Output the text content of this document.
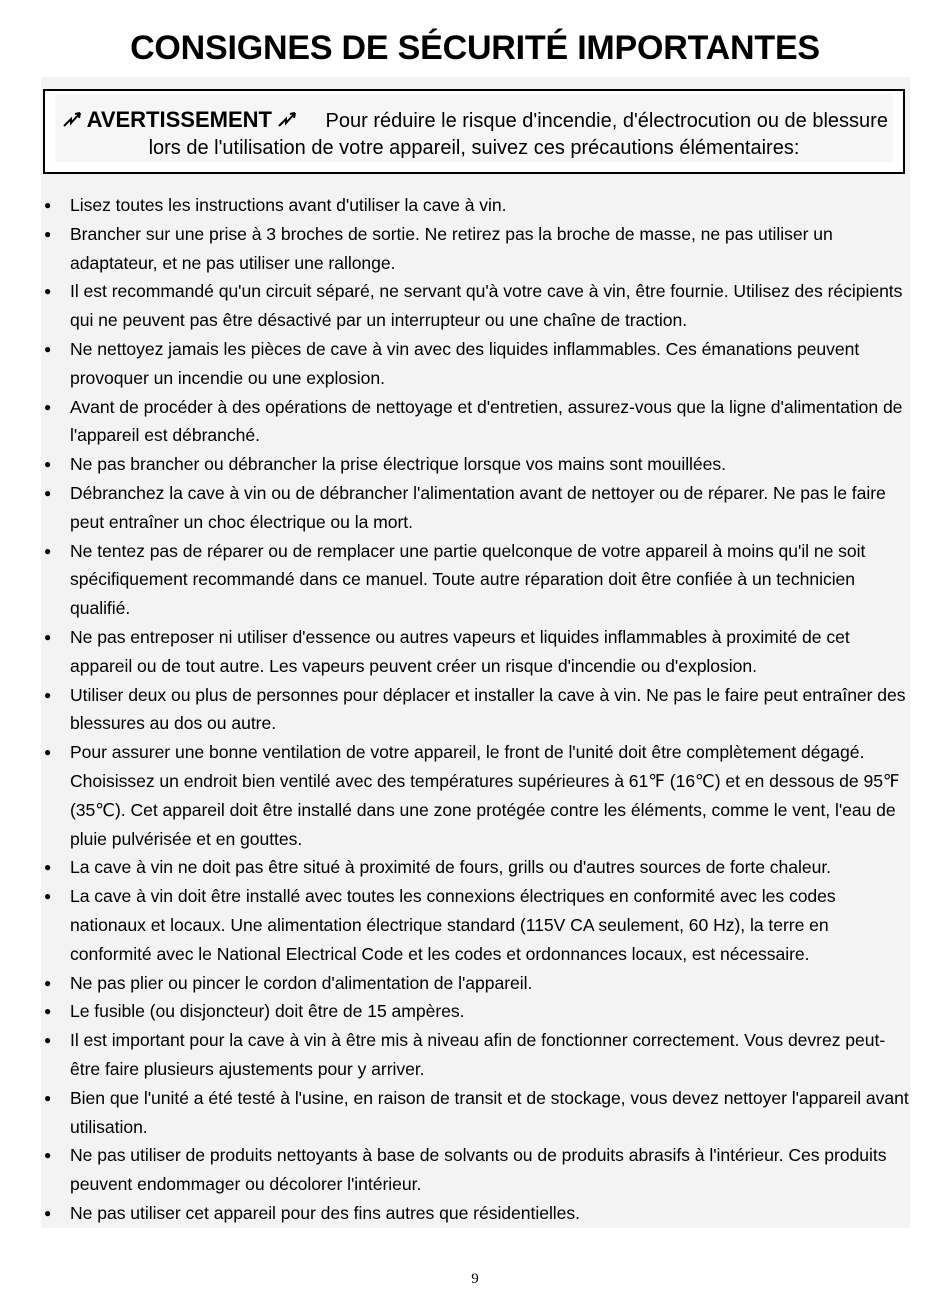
CONSIGNES DE SÉCURITÉ IMPORTANTES
AVERTISSEMENT	Pour réduire le risque d'incendie, d'électrocution ou de blessure
lors de l'utilisation de votre appareil, suivez ces précautions élémentaires:
● Lisez toutes les instructions avant d'utiliser la cave à vin.
● Brancher sur une prise à 3 broches de sortie. Ne retirez pas la broche de masse, ne pas utiliser un adaptateur, et ne pas utiliser une rallonge.
● Il est recommandé qu'un circuit séparé, ne servant qu'à votre cave à vin, être fournie. Utilisez des récipients qui ne peuvent pas être désactivé par un interrupteur ou une chaîne de traction.
● Ne nettoyez jamais les pièces de cave à vin avec des liquides inflammables. Ces émanations peuvent provoquer un incendie ou une explosion.
● Avant de procéder à des opérations de nettoyage et d'entretien, assurez-vous que la ligne d'alimentation de l'appareil est débranché.
● Ne pas brancher ou débrancher la prise électrique lorsque vos mains sont mouillées.
● Débranchez la cave à vin ou de débrancher l'alimentation avant de nettoyer ou de réparer. Ne pas le faire peut entraîner un choc électrique ou la mort.
● Ne tentez pas de réparer ou de remplacer une partie quelconque de votre appareil à moins qu'il ne soit spécifiquement recommandé dans ce manuel. Toute autre réparation doit être confiée à un technicien qualifié.
● Ne pas entreposer ni utiliser d'essence ou autres vapeurs et liquides inflammables à proximité de cet appareil ou de tout autre. Les vapeurs peuvent créer un risque d'incendie ou d'explosion.
● Utiliser deux ou plus de personnes pour déplacer et installer la cave à vin. Ne pas le faire peut entraîner des blessures au dos ou autre.
● Pour assurer une bonne ventilation de votre appareil, le front de l'unité doit être complètement dégagé. Choisissez un endroit bien ventilé avec des températures supérieures à 61℉ (16℃) et en dessous de 95℉ (35℃). Cet appareil doit être installé dans une zone protégée contre les éléments, comme le vent, l'eau de pluie pulvérisée et en gouttes.
● La cave à vin ne doit pas être situé à proximité de fours, grills ou d'autres sources de forte chaleur.
● La cave à vin doit être installé avec toutes les connexions électriques en conformité avec les codes nationaux et locaux. Une alimentation électrique standard (115V CA seulement, 60 Hz), la terre en conformité avec le National Electrical Code et les codes et ordonnances locaux, est nécessaire.
● Ne pas plier ou pincer le cordon d'alimentation de l'appareil.
● Le fusible (ou disjoncteur) doit être de 15 ampères.
● Il est important pour la cave à vin à être mis à niveau afin de fonctionner correctement. Vous devrez peut-être faire plusieurs ajustements pour y arriver.
● Bien que l'unité a été testé à l'usine, en raison de transit et de stockage, vous devez nettoyer l'appareil avant utilisation.
● Ne pas utiliser de produits nettoyants à base de solvants ou de produits abrasifs à l'intérieur. Ces produits peuvent endommager ou décolorer l'intérieur.
● Ne pas utiliser cet appareil pour des fins autres que résidentielles.
9
